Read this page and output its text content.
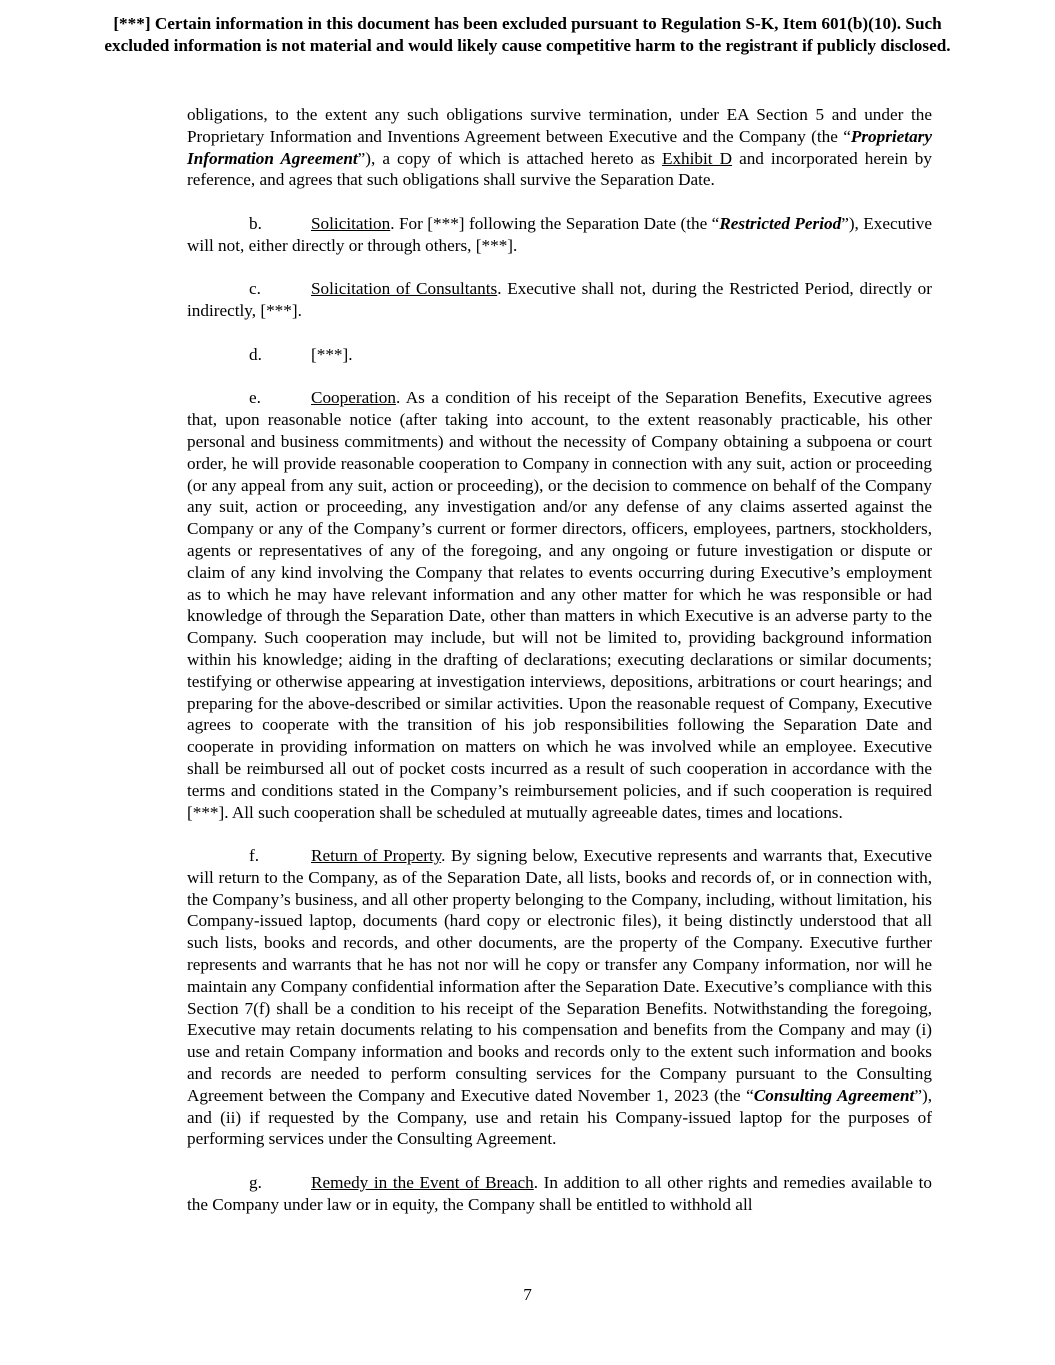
[***] Certain information in this document has been excluded pursuant to Regulation S-K, Item 601(b)(10). Such excluded information is not material and would likely cause competitive harm to the registrant if publicly disclosed.

obligations, to the extent any such obligations survive termination, under EA Section 5 and under the Proprietary Information and Inventions Agreement between Executive and the Company (the “Proprietary Information Agreement”), a copy of which is attached hereto as Exhibit D and incorporated herein by reference, and agrees that such obligations shall survive the Separation Date.

b.	Solicitation. For [***] following the Separation Date (the “Restricted Period”), Executive will not, either directly or through others, [***].

c.	Solicitation of Consultants. Executive shall not, during the Restricted Period, directly or indirectly, [***].

d.	[***].

e.	Cooperation. As a condition of his receipt of the Separation Benefits, Executive agrees that, upon reasonable notice (after taking into account, to the extent reasonably practicable, his other personal and business commitments) and without the necessity of Company obtaining a subpoena or court order, he will provide reasonable cooperation to Company in connection with any suit, action or proceeding (or any appeal from any suit, action or proceeding), or the decision to commence on behalf of the Company any suit, action or proceeding, any investigation and/or any defense of any claims asserted against the Company or any of the Company’s current or former directors, officers, employees, partners, stockholders, agents or representatives of any of the foregoing, and any ongoing or future investigation or dispute or claim of any kind involving the Company that relates to events occurring during Executive’s employment as to which he may have relevant information and any other matter for which he was responsible or had knowledge of through the Separation Date, other than matters in which Executive is an adverse party to the Company. Such cooperation may include, but will not be limited to, providing background information within his knowledge; aiding in the drafting of declarations; executing declarations or similar documents; testifying or otherwise appearing at investigation interviews, depositions, arbitrations or court hearings; and preparing for the above-described or similar activities. Upon the reasonable request of Company, Executive agrees to cooperate with the transition of his job responsibilities following the Separation Date and cooperate in providing information on matters on which he was involved while an employee. Executive shall be reimbursed all out of pocket costs incurred as a result of such cooperation in accordance with the terms and conditions stated in the Company’s reimbursement policies, and if such cooperation is required [***]. All such cooperation shall be scheduled at mutually agreeable dates, times and locations.

f.	Return of Property. By signing below, Executive represents and warrants that, Executive will return to the Company, as of the Separation Date, all lists, books and records of, or in connection with, the Company’s business, and all other property belonging to the Company, including, without limitation, his Company-issued laptop, documents (hard copy or electronic files), it being distinctly understood that all such lists, books and records, and other documents, are the property of the Company. Executive further represents and warrants that he has not nor will he copy or transfer any Company information, nor will he maintain any Company confidential information after the Separation Date. Executive’s compliance with this Section 7(f) shall be a condition to his receipt of the Separation Benefits. Notwithstanding the foregoing, Executive may retain documents relating to his compensation and benefits from the Company and may (i) use and retain Company information and books and records only to the extent such information and books and records are needed to perform consulting services for the Company pursuant to the Consulting Agreement between the Company and Executive dated November 1, 2023 (the “Consulting Agreement”), and (ii) if requested by the Company, use and retain his Company-issued laptop for the purposes of performing services under the Consulting Agreement.

g.	Remedy in the Event of Breach. In addition to all other rights and remedies available to the Company under law or in equity, the Company shall be entitled to withhold all

7
